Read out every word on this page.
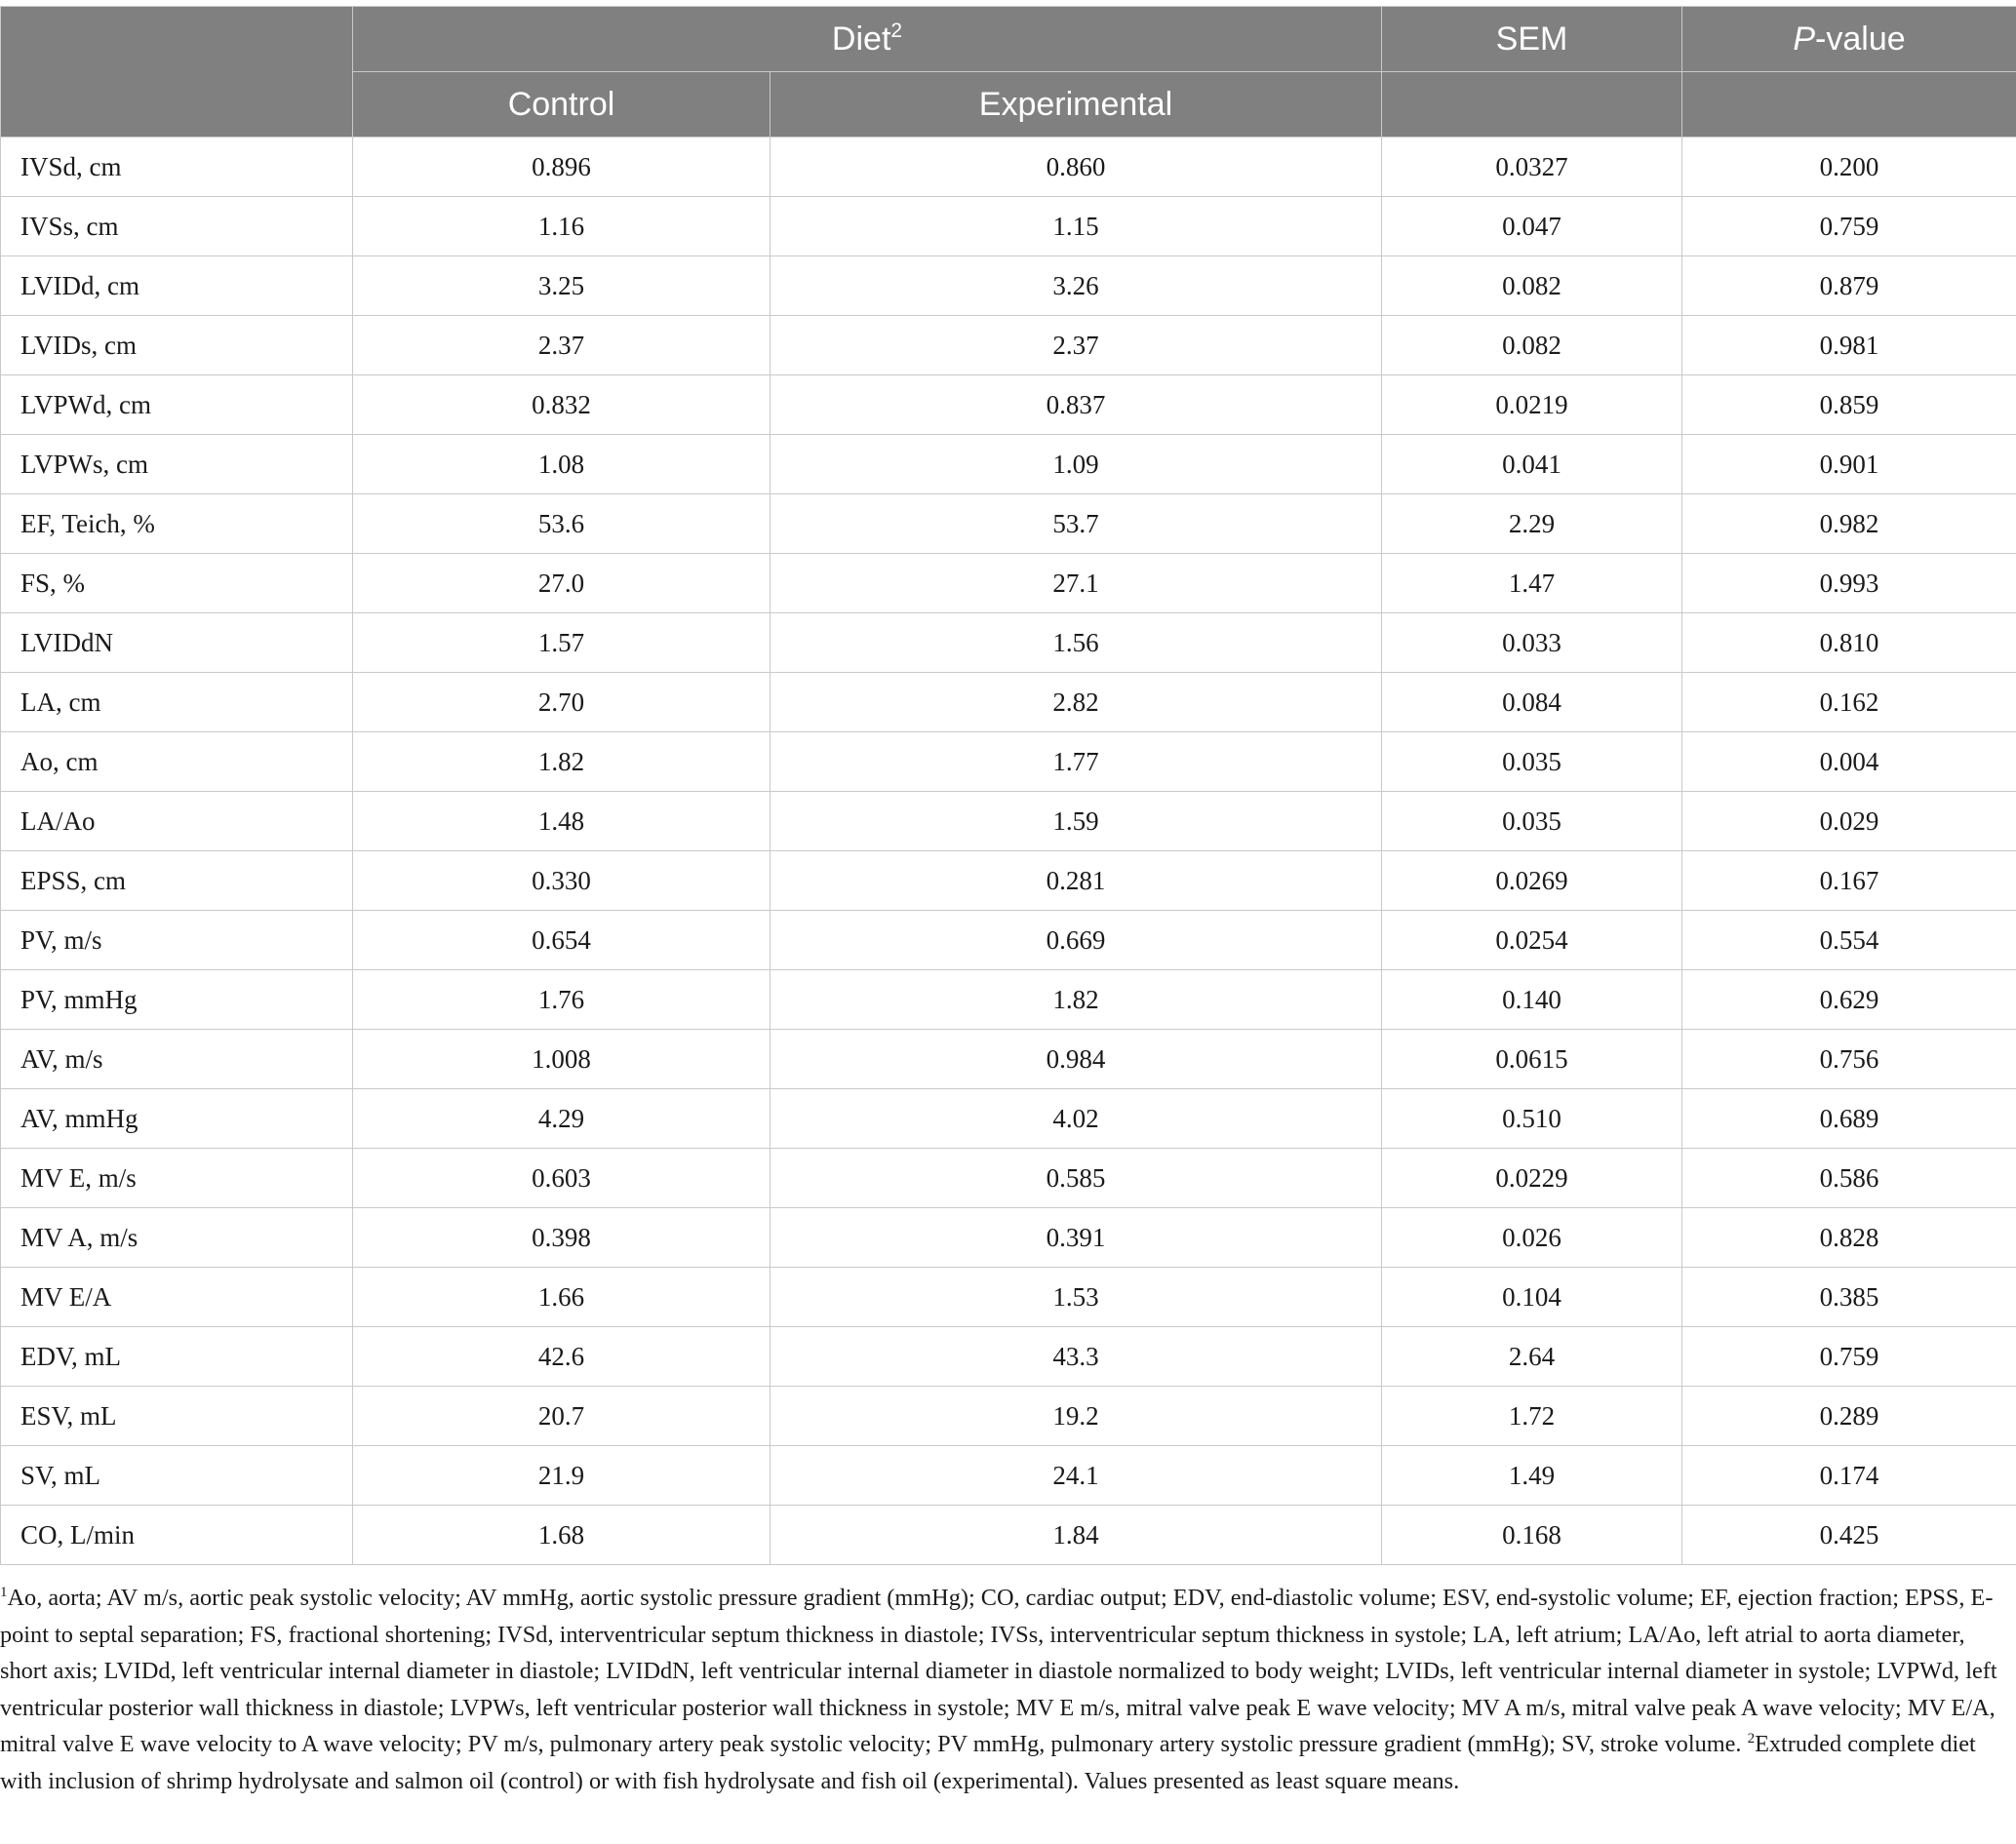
	Diet$^2$		SEM	P-value
	Control	Experimental		
IVSd, cm	0.896	0.860	0.0327	0.200
IVSs, cm	1.16	1.15	0.047	0.759
LVIDd, cm	3.25	3.26	0.082	0.879
LVIDs, cm	2.37	2.37	0.082	0.981
LVPWd, cm	0.832	0.837	0.0219	0.859
LVPWs, cm	1.08	1.09	0.041	0.901
EF, Teich, %	53.6	53.7	2.29	0.982
FS, %	27.0	27.1	1.47	0.993
LVIDdN	1.57	1.56	0.033	0.810
LA, cm	2.70	2.82	0.084	0.162
Ao, cm	1.82	1.77	0.035	0.004
LA/Ao	1.48	1.59	0.035	0.029
EPSS, cm	0.330	0.281	0.0269	0.167
PV, m/s	0.654	0.669	0.0254	0.554
PV, mmHg	1.76	1.82	0.140	0.629
AV, m/s	1.008	0.984	0.0615	0.756
AV, mmHg	4.29	4.02	0.510	0.689
MV E, m/s	0.603	0.585	0.0229	0.586
MV A, m/s	0.398	0.391	0.026	0.828
MV E/A	1.66	1.53	0.104	0.385
EDV, mL	42.6	43.3	2.64	0.759
ESV, mL	20.7	19.2	1.72	0.289
SV, mL	21.9	24.1	1.49	0.174
CO, L/min	1.68	1.84	0.168	0.425
$^1$Ao, aorta; AV m/s, aortic peak systolic velocity; AV mmHg, aortic systolic pressure gradient (mmHg); CO, cardiac output; EDV, end-diastolic volume; ESV, end-systolic volume; EF, ejection fraction; EPSS, E-point to septal separation; FS, fractional shortening; IVSd, interventricular septum thickness in diastole; IVSs, interventricular septum thickness in systole; LA, left atrium; LA/Ao, left atrial to aorta diameter, short axis; LVIDd, left ventricular internal diameter in diastole; LVIDdN, left ventricular internal diameter in diastole normalized to body weight; LVIDs, left ventricular internal diameter in systole; LVPWd, left ventricular posterior wall thickness in diastole; LVPWs, left ventricular posterior wall thickness in systole; MV E m/s, mitral valve peak E wave velocity; MV A m/s, mitral valve peak A wave velocity; MV E/A, mitral valve E wave velocity to A wave velocity; PV m/s, pulmonary artery peak systolic velocity; PV mmHg, pulmonary artery systolic pressure gradient (mmHg); SV, stroke volume. $^2$Extruded complete diet with inclusion of shrimp hydrolysate and salmon oil (control) or with fish hydrolysate and fish oil (experimental). Values presented as least square means.
